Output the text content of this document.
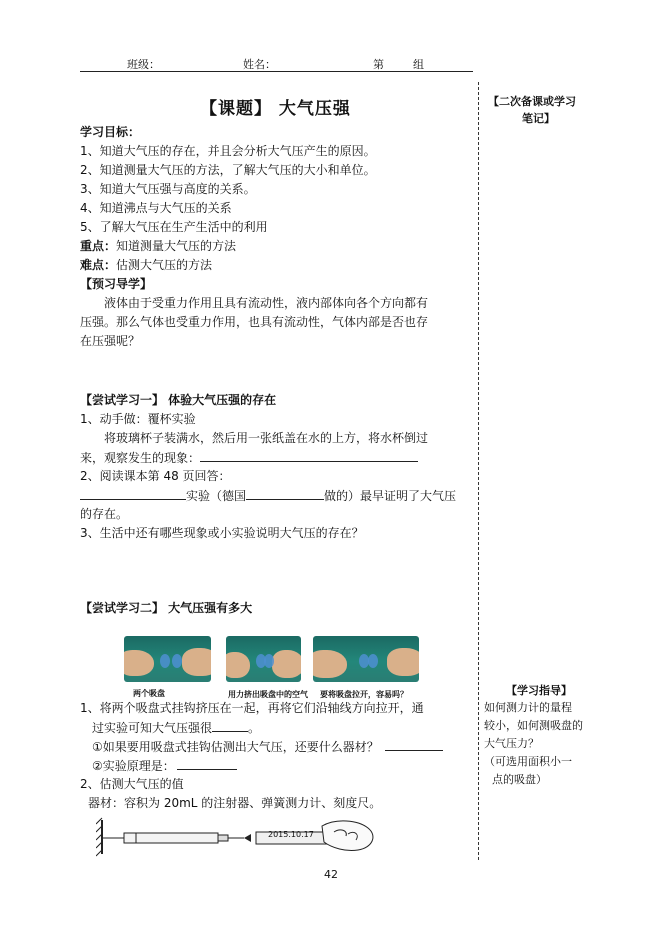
班级：	姓名：	第	组
【课题】 大气压强
学习目标：
1、知道大气压的存在，并且会分析大气压产生的原因。
2、知道测量大气压的方法，了解大气压的大小和单位。
3、知道大气压强与高度的关系。
4、知道沸点与大气压的关系
5、了解大气压在生产生活中的利用
重点：知道测量大气压的方法
难点：估测大气压的方法
【预习导学】
液体由于受重力作用且具有流动性，液内部体向各个方向都有
压强。那么气体也受重力作用，也具有流动性，气体内部是否也存
在压强呢？
【尝试学习一】 体验大气压强的存在
1、动手做：覆杯实验
将玻璃杯子装满水，然后用一张纸盖在水的上方，将水杯倒过
来，观察发生的现象：
2、阅读课本第 48 页回答：
实验（德国	做的）最早证明了大气压
的存在。
3、生活中还有哪些现象或小实验说明大气压的存在？
【尝试学习二】 大气压强有多大
两个吸盘	用力挤出吸盘中的空气 要将吸盘拉开，容易吗？
1、将两个吸盘式挂钩挤压在一起，再将它们沿轴线方向拉开，通
过实验可知大气压强很	。
①如果要用吸盘式挂钩估测出大气压，还要什么器材？
②实验原理是：
2、估测大气压的值
器材：容积为 20mL 的注射器、弹簧测力计、刻度尺。
2015.10.17
【二次备课或学习
笔记】
【学习指导】
如何测力计的量程
较小，如何测吸盘的
大气压力？
（可选用面积小一
点的吸盘）
42
